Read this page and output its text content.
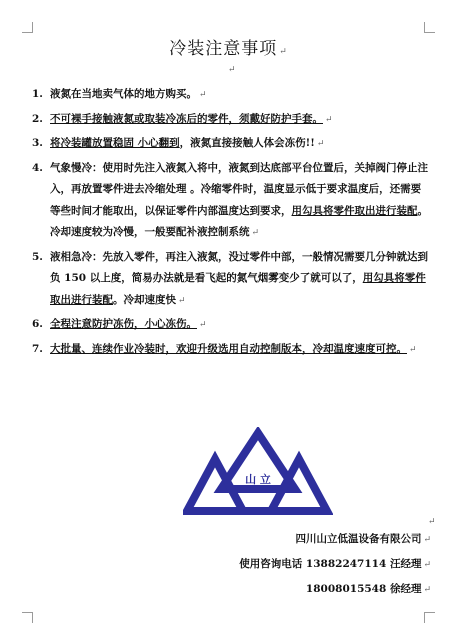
冷装注意事项 ↵
↵
1. 液氮在当地卖气体的地方购买。 ↵
2. 不可裸手接触液氮或取装冷冻后的零件，须戴好防护手套。 ↵
3. 将冷装罐放置稳固 小心翻到，液氮直接接触人体会冻伤!! ↵
4. 气象慢冷：使用时先注入液氮入将中，液氮到达底部平台位置后，关掉阀门停止注入，再放置零件进去冷缩处理 。冷缩零件时，温度显示低于要求温度后，还需要等些时间才能取出，以保证零件内部温度达到要求，用勾具将零件取出进行装配。冷却速度较为冷慢，一般要配补液控制系统 ↵
5. 液相急冷：先放入零件，再注入液氮，没过零件中部，一般情况需要几分钟就达到负 150 以上度，简易办法就是看飞起的氮气烟雾变少了就可以了，用勾具将零件取出进行装配。冷却速度快 ↵
6. 全程注意防护冻伤，小心冻伤。 ↵
7. 大批量、连续作业冷装时，欢迎升级选用自动控制版本，冷却温度速度可控。 ↵
山 立
↵
四川山立低温设备有限公司 ↵
使用咨询电话 13882247114 汪经理 ↵
18008015548 徐经理 ↵
